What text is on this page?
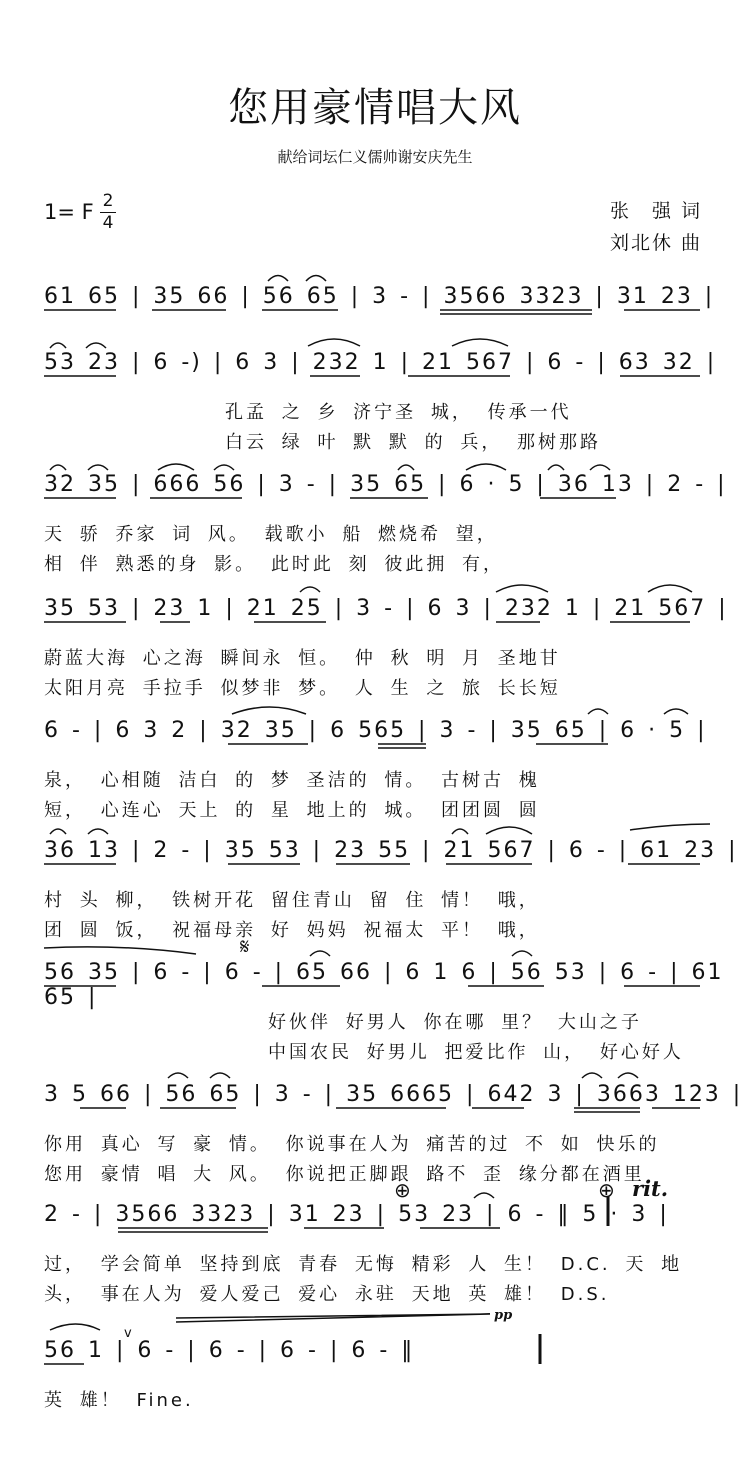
您用豪情唱大风
献给词坛仁义儒帅谢安庆先生
1= F 2
4
张　强 词
刘北休 曲
61 65 | 35 66 | 56 65 | 3 - | 3566 3323 | 31 23 |
53 23 | 6 -) | 6 3 | 232 1 | 21 567 | 6 - | 63 32 |
孔孟 之 乡 济宁圣 城， 传承一代
白云 绿 叶 默 默 的 兵， 那树那路
32 35 | 666 56 | 3 - | 35 65 | 6 · 5 | 36 13 | 2 - |
天 骄 乔家 词 风。 载歌小 船 燃烧希 望，
相 伴 熟悉的身 影。 此时此 刻 彼此拥 有，
35 53 | 23 1 | 21 25 | 3 - | 6 3 | 232 1 | 21 567 |
蔚蓝大海 心之海 瞬间永 恒。 仲 秋 明 月 圣地甘
太阳月亮 手拉手 似梦非 梦。 人 生 之 旅 长长短
6 - | 6 3 2 | 32 35 | 6 565 | 3 - | 35 65 | 6 · 5 |
泉， 心相随 洁白 的 梦 圣洁的 情。 古树古 槐
短， 心连心 天上 的 星 地上的 城。 团团圆 圆
36 13 | 2 - | 35 53 | 23 55 | 21 567 | 6 - | 61 23 |
村 头 柳， 铁树开花 留住青山 留 住 情！ 哦，
团 圆 饭， 祝福母亲 好 妈妈 祝福太 平！ 哦，
56 35 | 6 - | 6 - | 65 66 | 6 1 6 | 56 53 | 6 - | 61 65 |
好伙伴 好男人 你在哪 里？ 大山之子
中国农民 好男儿 把爱比作 山， 好心好人
3 5 66 | 56 65 | 3 - | 35 6665 | 642 3 | 3663 123 |
你用 真心 写 豪 情。 你说事在人为 痛苦的过 不 如 快乐的
您用 豪情 唱 大 风。 你说把正脚跟 路不 歪 缘分都在酒里
2 - | 3566 3323 | 31 23 | 53 23 | 6 - ‖ 5 · 3 |
过， 学会简单 坚持到底 青春 无悔 精彩 人 生！ D.C. 天 地
头， 事在人为 爱人爱己 爱心 永驻 天地 英 雄！ D.S.
56 1 | 6 - | 6 - | 6 - | 6 - ‖
英 雄！ Fine.
𝄋
⊕	⊕ rit.
pp
v
